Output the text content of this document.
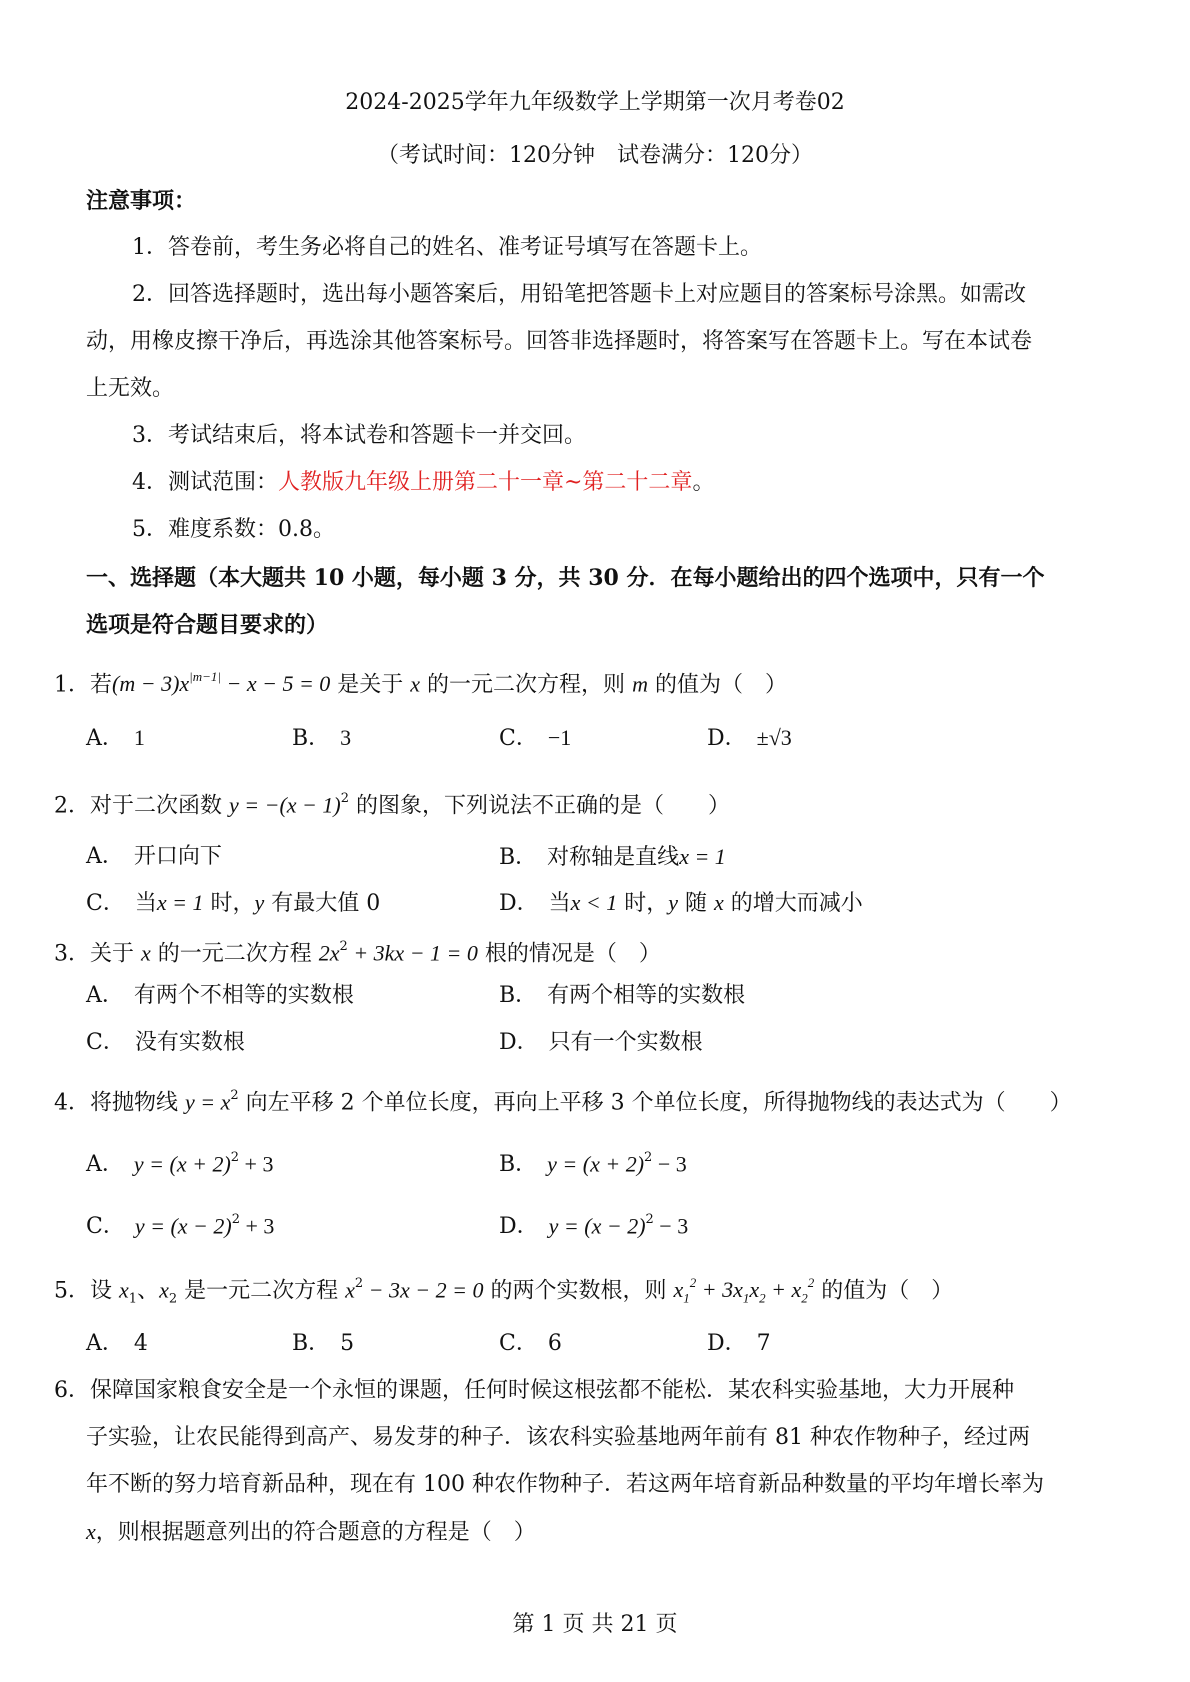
2024-2025学年九年级数学上学期第一次月考卷02
（考试时间：120分钟　试卷满分：120分）
注意事项：
1．答卷前，考生务必将自己的姓名、准考证号填写在答题卡上。
2．回答选择题时，选出每小题答案后，用铅笔把答题卡上对应题目的答案标号涂黑。如需改
动，用橡皮擦干净后，再选涂其他答案标号。回答非选择题时，将答案写在答题卡上。写在本试卷
上无效。
3．考试结束后，将本试卷和答题卡一并交回。
4．测试范围：人教版九年级上册第二十一章~第二十二章。
5．难度系数：0.8。
一、选择题（本大题共 10 小题，每小题 3 分，共 30 分．在每小题给出的四个选项中，只有一个
选项是符合题目要求的）
1．若$(m - 3)x^{|m-1|} - x - 5 = 0$ 是关于 x 的一元二次方程，则 m 的值为（　）
A． 1	B． 3	C． −1	D． ±√3
2．对于二次函数 $y = -(x - 1)^2$ 的图象，下列说法不正确的是（　　）
A． 开口向下	B． 对称轴是直线x = 1
C． 当x = 1 时，y 有最大值 0	D． 当x < 1 时，y 随 x 的增大而减小
3．关于 x 的一元二次方程 $2x^2 + 3kx - 1 = 0$ 根的情况是（　）
A． 有两个不相等的实数根	B． 有两个相等的实数根
C． 没有实数根	D． 只有一个实数根
4．将抛物线 $y = x^2$ 向左平移 2 个单位长度，再向上平移 3 个单位长度，所得抛物线的表达式为（　　）
A． $y = (x + 2)^2 + 3$	B． $y = (x + 2)^2 - 3$
C． $y = (x - 2)^2 + 3$	D． $y = (x - 2)^2 - 3$
5．设 $x_1$、$x_2$ 是一元二次方程 $x^2 - 3x - 2 = 0$ 的两个实数根，则 $x_1^2 + 3x_1x_2 + x_2^2$ 的值为（　）
A． 4	B． 5	C． 6	D． 7
6．保障国家粮食安全是一个永恒的课题，任何时候这根弦都不能松．某农科实验基地，大力开展种
子实验，让农民能得到高产、易发芽的种子．该农科实验基地两年前有 81 种农作物种子，经过两
年不断的努力培育新品种，现在有 100 种农作物种子．若这两年培育新品种数量的平均年增长率为
x，则根据题意列出的符合题意的方程是（　）
第 1 页 共 21 页
